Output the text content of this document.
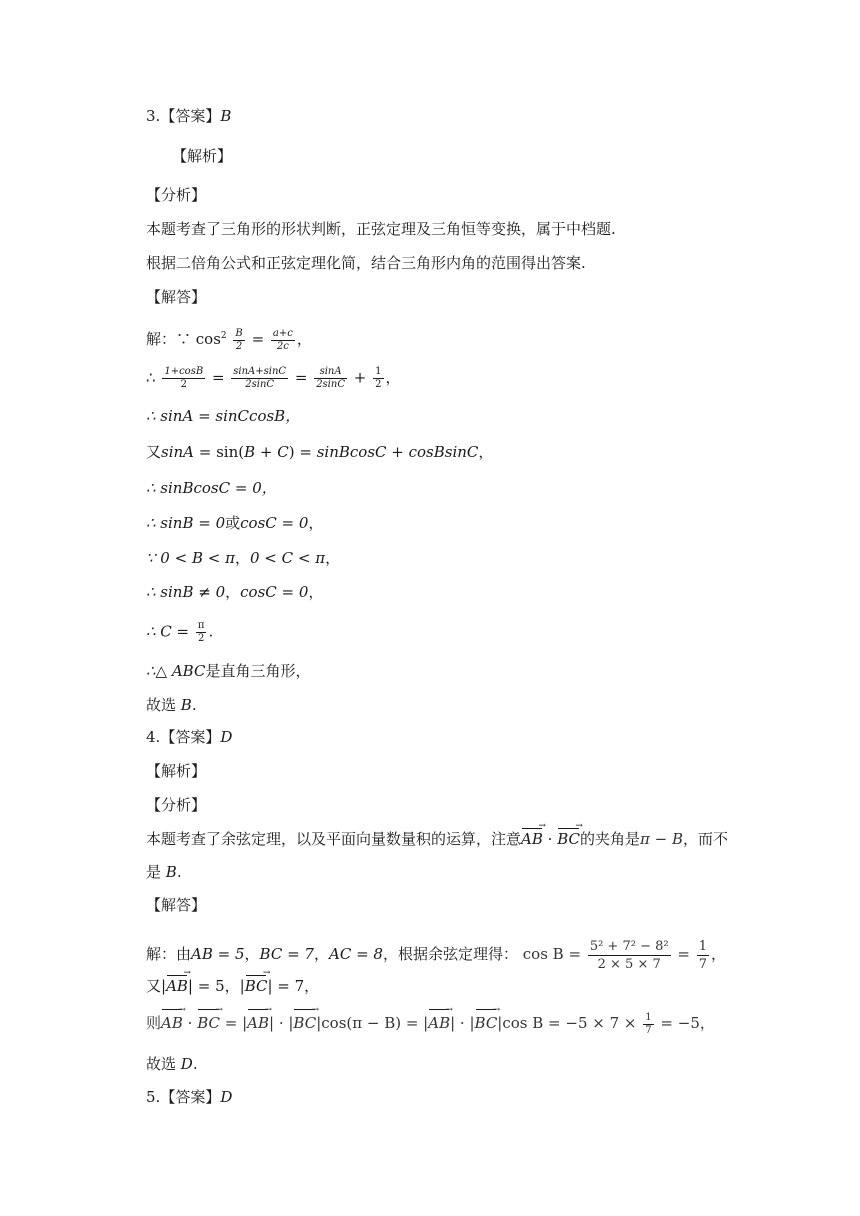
3.【答案】B
【解析】
【分析】
本题考查了三角形的形状判断，正弦定理及三角恒等变换，属于中档题.
根据二倍角公式和正弦定理化简，结合三角形内角的范围得出答案.
【解答】
解：∵ $\cos^2 \frac{B}{2} = \frac{a+c}{2c}$ ，
∴ $\frac{1+\cos B}{2} = \frac{\sin A+\sin C}{2\sin C} = \frac{\sin A}{2\sin C} + \frac{1}{2}$ ，
∴ sinA = sinCcosB，
又sinA = sin(B + C) = sinBcosC + cosBsinC，
∴ sinBcosC = 0，
∴ sinB = 0或cosC = 0，
∵ 0 < B < π，0 < C < π，
∴ sinB ≠ 0，cosC = 0，
∴ $C = \frac{\pi}{2}$ .
∴△ ABC是直角三角形，
故选 B.
4.【答案】D
【解析】
【分析】
本题考查了余弦定理，以及平面向量数量积的运算，注意AB → · BC →的夹角是π − B，而不
是 B.
【解答】
解：由AB = 5，BC = 7，AC = 8，根据余弦定理得： $\cos B = \frac{\text{5² + 7² − 8²}}{2 \times 5 \times 7} = \frac{1}{7}$ ，
又|AB →| = 5，|BC →| = 7，
则AB → · BC → = |AB →| · |BC →|cos(π − B) = |AB →| · |BC →|cos $B = -5 \times 7 \times \frac{1}{7} = -5$，
故选 D.
5.【答案】D
